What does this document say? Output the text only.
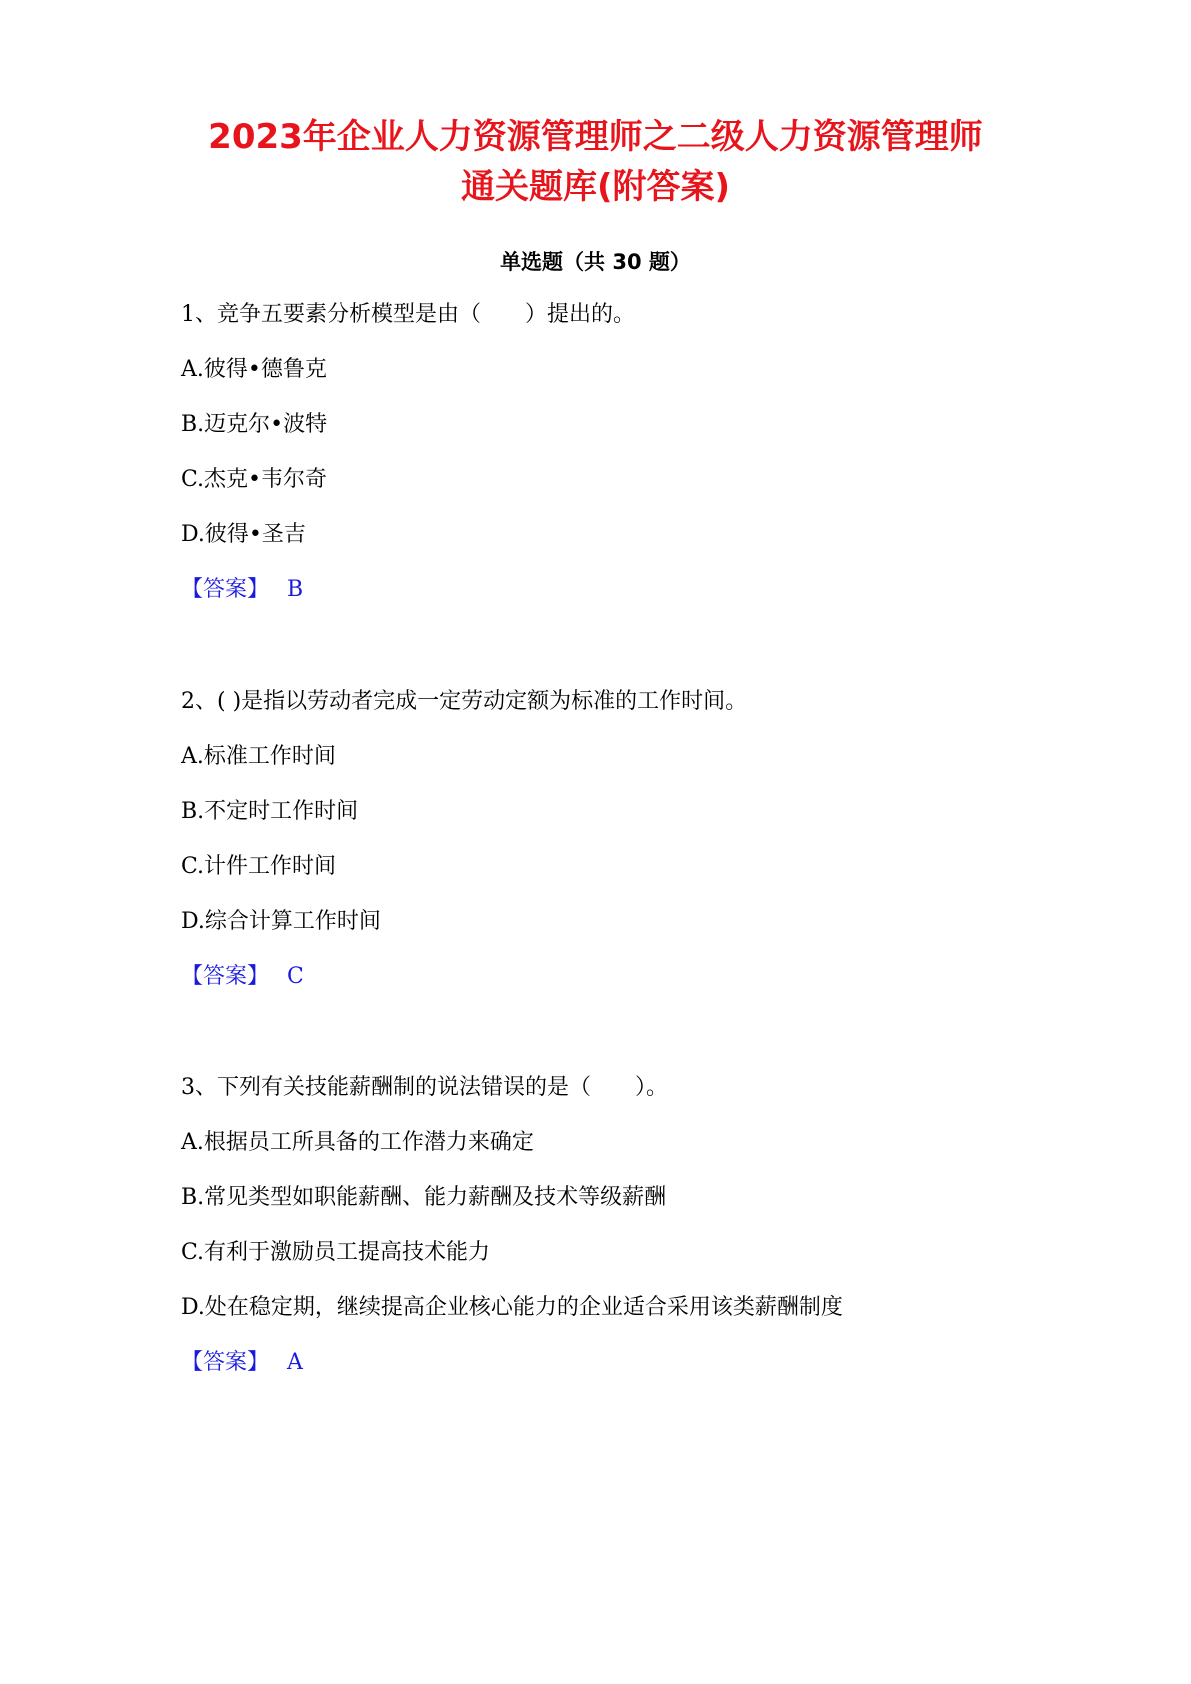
2023年企业人力资源管理师之二级人力资源管理师
通关题库(附答案)
单选题（共 30 题）

1、竞争五要素分析模型是由（　　）提出的。

A.彼得•德鲁克

B.迈克尔•波特

C.杰克•韦尔奇

D.彼得•圣吉

【答案】 B

2、( )是指以劳动者完成一定劳动定额为标准的工作时间。

A.标准工作时间

B.不定时工作时间

C.计件工作时间

D.综合计算工作时间

【答案】 C

3、下列有关技能薪酬制的说法错误的是（　　）。

A.根据员工所具备的工作潜力来确定

B.常见类型如职能薪酬、能力薪酬及技术等级薪酬

C.有利于激励员工提高技术能力

D.处在稳定期，继续提高企业核心能力的企业适合采用该类薪酬制度

【答案】 A
